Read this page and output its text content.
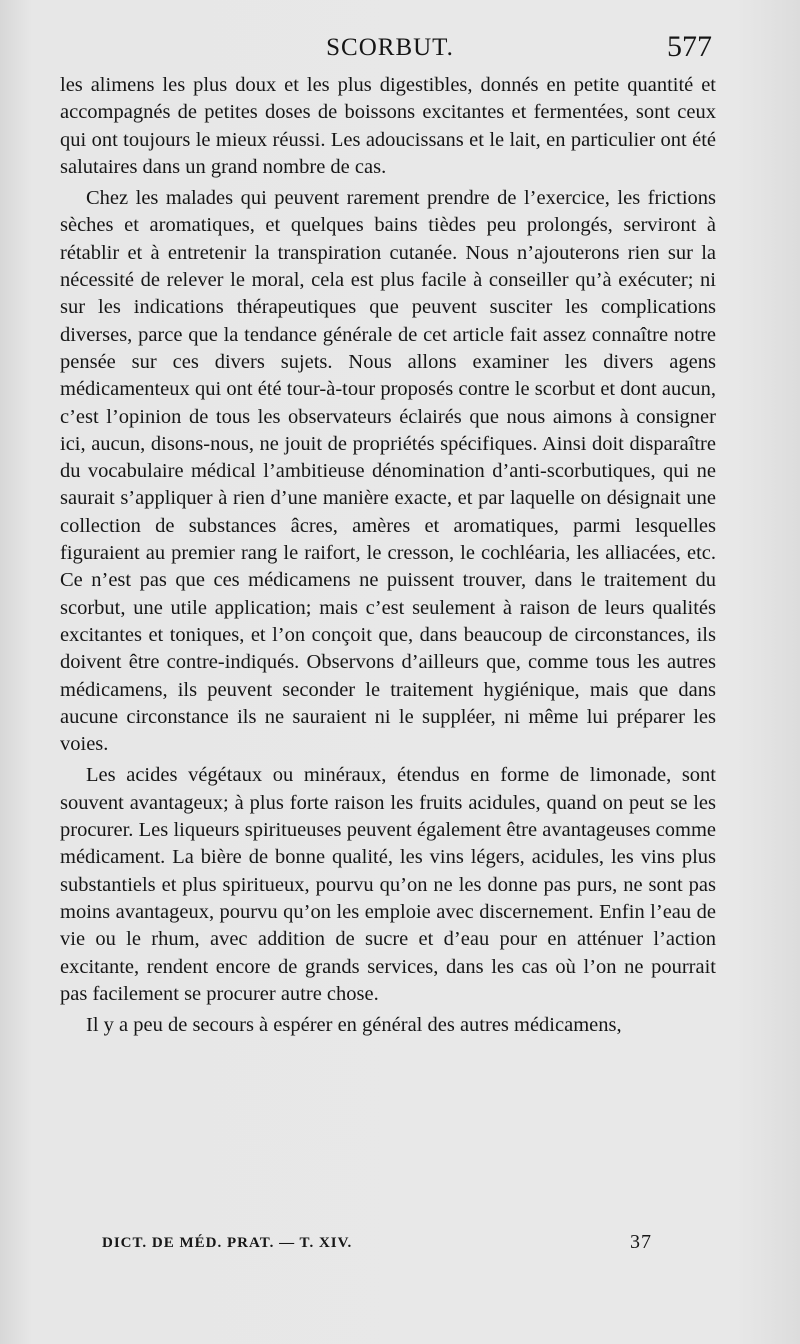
SCORBUT.	577

les alimens les plus doux et les plus digestibles, donnés en petite quantité et accompagnés de petites doses de boissons excitantes et fermentées, sont ceux qui ont toujours le mieux réussi. Les adoucissans et le lait, en particulier ont été salutaires dans un grand nombre de cas.

Chez les malades qui peuvent rarement prendre de l’exercice, les frictions sèches et aromatiques, et quelques bains tièdes peu prolongés, serviront à rétablir et à entretenir la transpiration cutanée. Nous n’ajouterons rien sur la nécessité de relever le moral, cela est plus facile à conseiller qu’à exécuter; ni sur les indications thérapeutiques que peuvent susciter les complications diverses, parce que la tendance générale de cet article fait assez connaître notre pensée sur ces divers sujets. Nous allons examiner les divers agens médicamenteux qui ont été tour-à-tour proposés contre le scorbut et dont aucun, c’est l’opinion de tous les observateurs éclairés que nous aimons à consigner ici, aucun, disons-nous, ne jouit de propriétés spécifiques. Ainsi doit disparaître du vocabulaire médical l’ambitieuse dénomination d’anti-scorbutiques, qui ne saurait s’appliquer à rien d’une manière exacte, et par laquelle on désignait une collection de substances âcres, amères et aromatiques, parmi lesquelles figuraient au premier rang le raifort, le cresson, le cochléaria, les alliacées, etc. Ce n’est pas que ces médicamens ne puissent trouver, dans le traitement du scorbut, une utile application; mais c’est seulement à raison de leurs qualités excitantes et toniques, et l’on conçoit que, dans beaucoup de circonstances, ils doivent être contre-indiqués. Observons d’ailleurs que, comme tous les autres médicamens, ils peuvent seconder le traitement hygiénique, mais que dans aucune circonstance ils ne sauraient ni le suppléer, ni même lui préparer les voies.

Les acides végétaux ou minéraux, étendus en forme de limonade, sont souvent avantageux; à plus forte raison les fruits acidules, quand on peut se les procurer. Les liqueurs spiritueuses peuvent également être avantageuses comme médicament. La bière de bonne qualité, les vins légers, acidules, les vins plus substantiels et plus spiritueux, pourvu qu’on ne les donne pas purs, ne sont pas moins avantageux, pourvu qu’on les emploie avec discernement. Enfin l’eau de vie ou le rhum, avec addition de sucre et d’eau pour en atténuer l’action excitante, rendent encore de grands services, dans les cas où l’on ne pourrait pas facilement se procurer autre chose.

Il y a peu de secours à espérer en général des autres médicamens,

DICT. DE MÉD. PRAT. — T. XIV.	37
